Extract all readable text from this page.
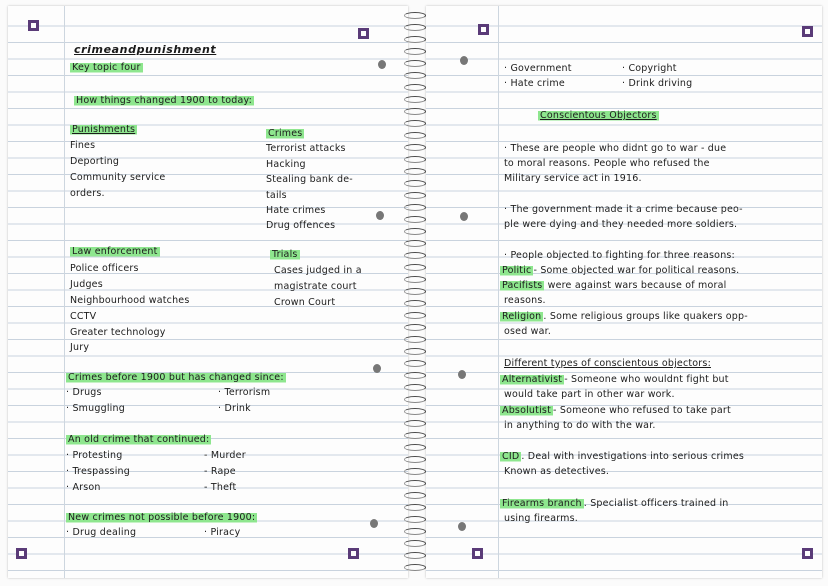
crimeandpunishment
Key topic four
How things changed 1900 to today:
Punishments
Fines
Deporting
Community service
orders.
Crimes
Terrorist attacks
Hacking
Stealing bank de-
tails
Hate crimes
Drug offences
Law enforcement
Police officers
Judges
Neighbourhood watches
CCTV
Greater technology
Jury
Trials
Cases judged in a
magistrate court
Crown Court
Crimes before 1900 but has changed since:
· Drugs
· Smuggling
· Terrorism
· Drink
An old crime that continued:
· Protesting
· Trespassing
· Arson
- Murder
- Rape
- Theft
New crimes not possible before 1900:
· Drug dealing	· Piracy
· Government
· Hate crime
· Copyright
· Drink driving
Conscientous Objectors
· These are people who didnt go to war - due
to moral reasons. People who refused the
Military service act in 1916.
· The government made it a crime because peo-
ple were dying and they needed more soldiers.
· People objected to fighting for three reasons:
Politic - Some objected war for political reasons.
Pacifists were against wars because of moral
reasons.
Religion . Some religious groups like quakers opp-
osed war.
Different types of conscientous objectors:
Alternativist - Someone who wouldnt fight but
would take part in other war work.
Absolutist - Someone who refused to take part
in anything to do with the war.
CID . Deal with investigations into serious crimes
Known as detectives.
Firearms branch . Specialist officers trained in
using firearms.
